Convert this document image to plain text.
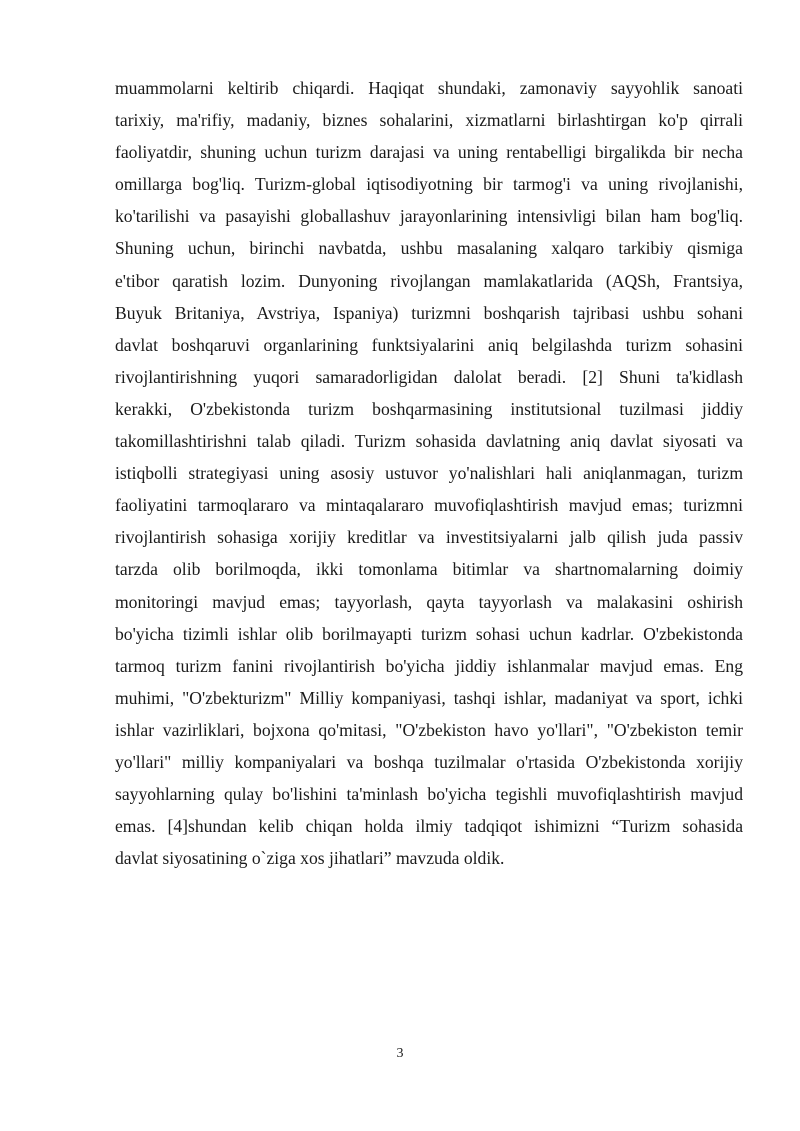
muammolarni keltirib chiqardi. Haqiqat shundaki, zamonaviy sayyohlik sanoati
tarixiy, ma'rifiy, madaniy, biznes sohalarini, xizmatlarni birlashtirgan ko'p qirrali
faoliyatdir, shuning uchun turizm darajasi va uning rentabelligi birgalikda bir necha
omillarga bog'liq. Turizm-global iqtisodiyotning bir tarmog'i va uning rivojlanishi,
ko'tarilishi va pasayishi globallashuv jarayonlarining intensivligi bilan ham bog'liq.
Shuning uchun, birinchi navbatda, ushbu masalaning xalqaro tarkibiy qismiga
e'tibor qaratish lozim. Dunyoning rivojlangan mamlakatlarida (AQSh, Frantsiya,
Buyuk Britaniya, Avstriya, Ispaniya) turizmni boshqarish tajribasi ushbu sohani
davlat boshqaruvi organlarining funktsiyalarini aniq belgilashda turizm sohasini
rivojlantirishning yuqori samaradorligidan dalolat beradi. [2] Shuni ta'kidlash
kerakki, O'zbekistonda turizm boshqarmasining institutsional tuzilmasi jiddiy
takomillashtirishni talab qiladi. Turizm sohasida davlatning aniq davlat siyosati va
istiqbolli strategiyasi uning asosiy ustuvor yo'nalishlari hali aniqlanmagan, turizm
faoliyatini tarmoqlararo va mintaqalararo muvofiqlashtirish mavjud emas; turizmni
rivojlantirish sohasiga xorijiy kreditlar va investitsiyalarni jalb qilish juda passiv
tarzda olib borilmoqda, ikki tomonlama bitimlar va shartnomalarning doimiy
monitoringi mavjud emas; tayyorlash, qayta tayyorlash va malakasini oshirish
bo'yicha tizimli ishlar olib borilmayapti turizm sohasi uchun kadrlar. O'zbekistonda
tarmoq turizm fanini rivojlantirish bo'yicha jiddiy ishlanmalar mavjud emas. Eng
muhimi, "O'zbekturizm" Milliy kompaniyasi, tashqi ishlar, madaniyat va sport, ichki
ishlar vazirliklari, bojxona qo'mitasi, "O'zbekiston havo yo'llari", "O'zbekiston temir
yo'llari" milliy kompaniyalari va boshqa tuzilmalar o'rtasida O'zbekistonda xorijiy
sayyohlarning qulay bo'lishini ta'minlash bo'yicha tegishli muvofiqlashtirish mavjud
emas. [4]shundan kelib chiqan holda ilmiy tadqiqot ishimizni “Turizm sohasida
davlat siyosatining o`ziga xos jihatlari” mavzuda oldik.
3
